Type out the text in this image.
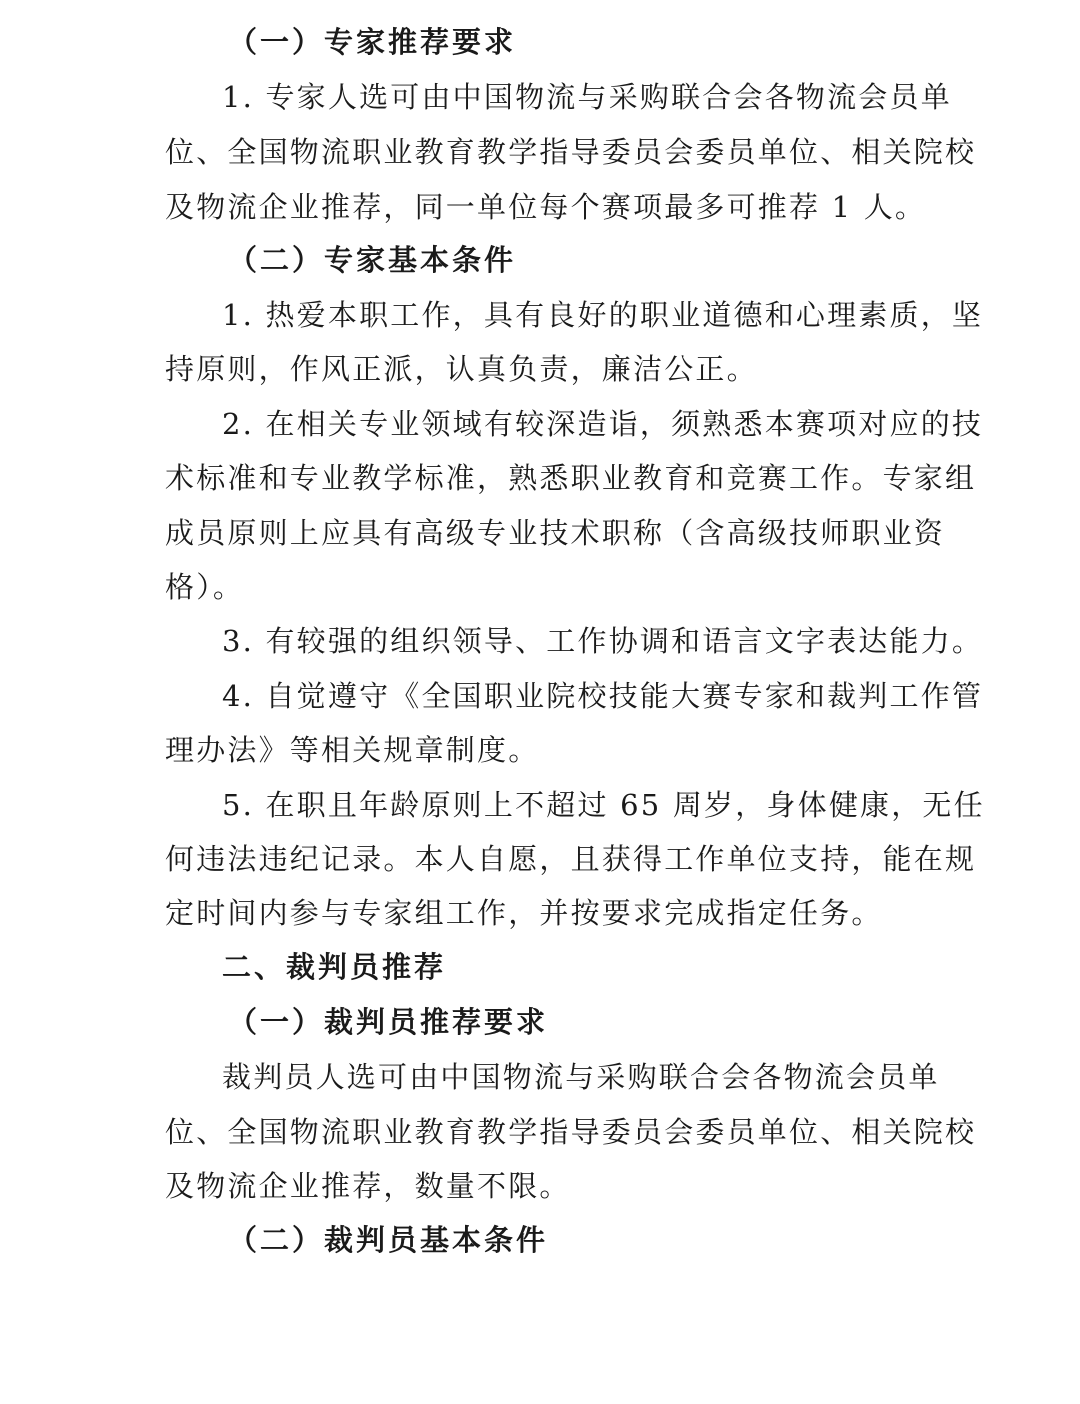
（一）专家推荐要求
1. 专家人选可由中国物流与采购联合会各物流会员单
位、全国物流职业教育教学指导委员会委员单位、相关院校
及物流企业推荐，同一单位每个赛项最多可推荐 1 人。
（二）专家基本条件
1. 热爱本职工作，具有良好的职业道德和心理素质，坚
持原则，作风正派，认真负责，廉洁公正。
2. 在相关专业领域有较深造诣，须熟悉本赛项对应的技
术标准和专业教学标准，熟悉职业教育和竞赛工作。专家组
成员原则上应具有高级专业技术职称（含高级技师职业资
格）。
3. 有较强的组织领导、工作协调和语言文字表达能力。
4. 自觉遵守《全国职业院校技能大赛专家和裁判工作管
理办法》等相关规章制度。
5. 在职且年龄原则上不超过 65 周岁，身体健康，无任
何违法违纪记录。本人自愿，且获得工作单位支持，能在规
定时间内参与专家组工作，并按要求完成指定任务。
二、裁判员推荐
（一）裁判员推荐要求
裁判员人选可由中国物流与采购联合会各物流会员单
位、全国物流职业教育教学指导委员会委员单位、相关院校
及物流企业推荐，数量不限。
（二）裁判员基本条件
